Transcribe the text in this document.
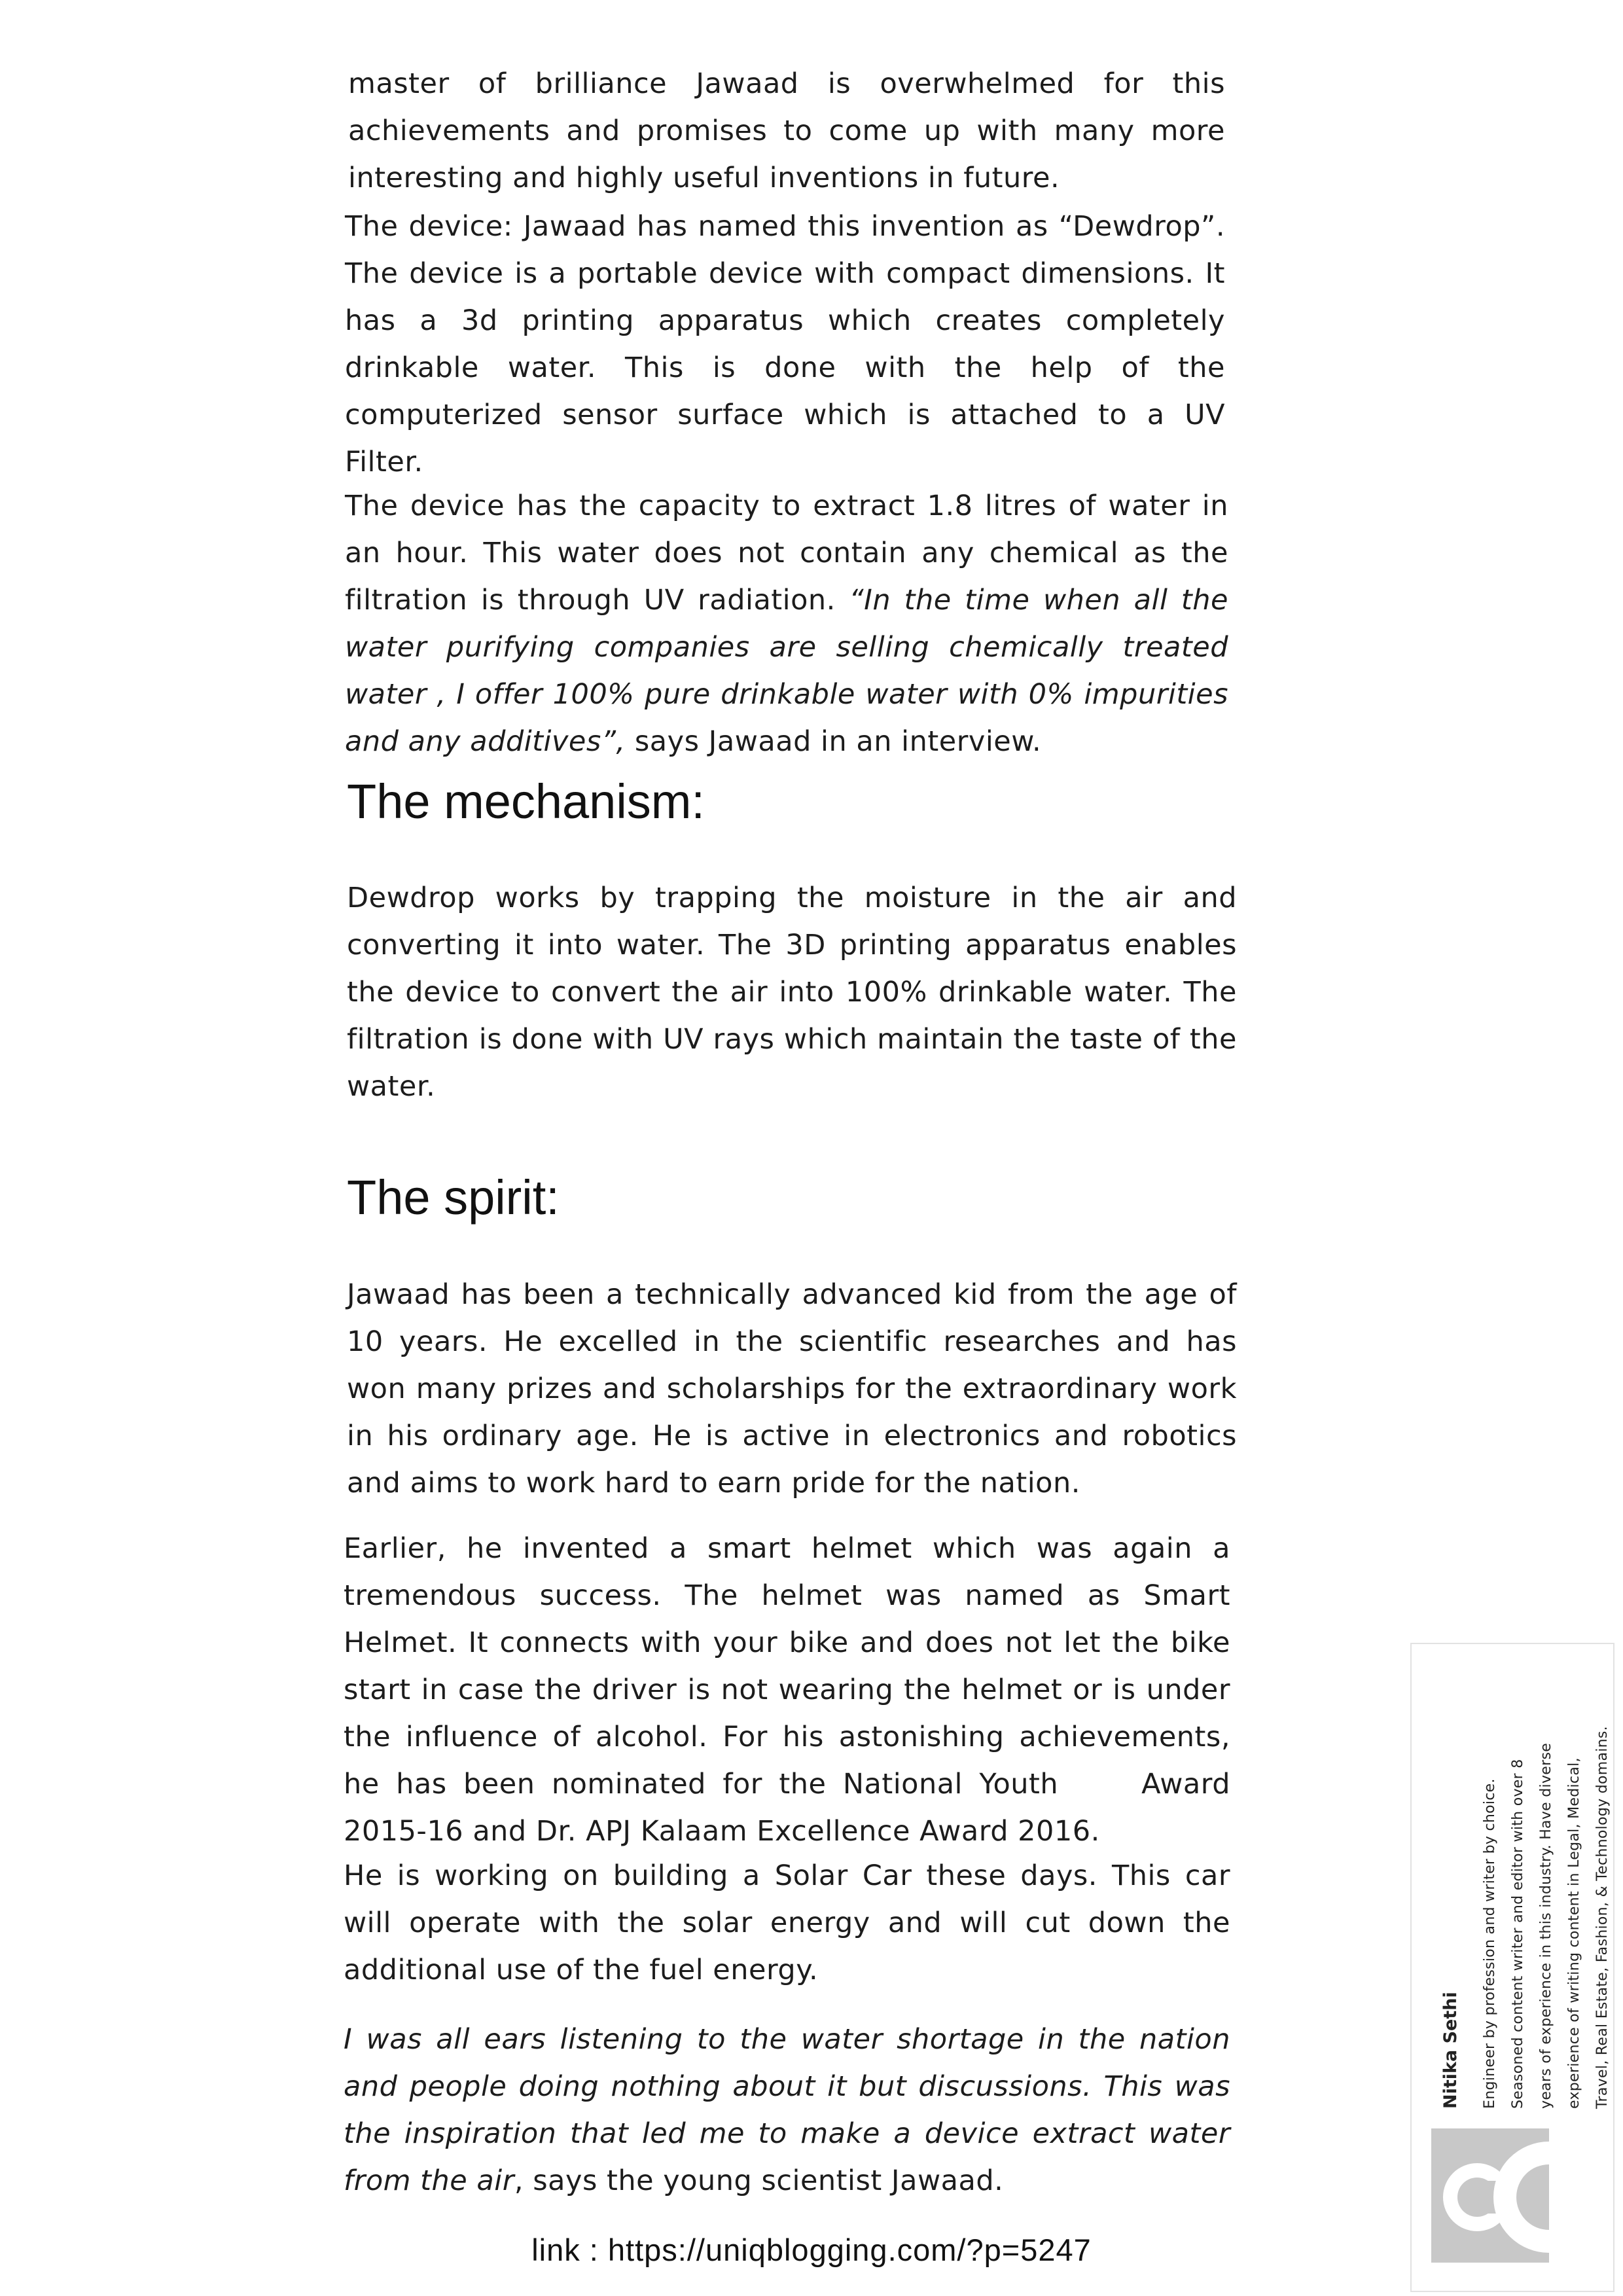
master of brilliance Jawaad is overwhelmed for this achievements and promises to come up with many more interesting and highly useful inventions in future.

The device: Jawaad has named this invention as “Dewdrop”. The device is a portable device with compact dimensions. It has a 3d printing apparatus which creates completely drinkable water. This is done with the help of the computerized sensor surface which is attached to a UV Filter.

The device has the capacity to extract 1.8 litres of water in an hour. This water does not contain any chemical as the filtration is through UV radiation. “In the time when all the water purifying companies are selling chemically treated water , I offer 100% pure drinkable water with 0% impurities and any additives”, says Jawaad in an interview.

The mechanism:

Dewdrop works by trapping the moisture in the air and converting it into water. The 3D printing apparatus enables the device to convert the air into 100% drinkable water. The filtration is done with UV rays which maintain the taste of the water.

The spirit:

Jawaad has been a technically advanced kid from the age of 10 years. He excelled in the scientific researches and has won many prizes and scholarships for the extraordinary work in his ordinary age. He is active in electronics and robotics and aims to work hard to earn pride for the nation.

Earlier, he invented a smart helmet which was again a tremendous success. The helmet was named as Smart Helmet. It connects with your bike and does not let the bike start in case the driver is not wearing the helmet or is under the influence of alcohol. For his astonishing achievements, he has been nominated for the National Youth     Award 2015-16 and Dr. APJ Kalaam Excellence Award 2016.

He is working on building a Solar Car these days. This car will operate with the solar energy and will cut down the additional use of the fuel energy.

I was all ears listening to the water shortage in the nation and people doing nothing about it but discussions. This was the inspiration that led me to make a device extract water from the air, says the young scientist Jawaad.

link : https://uniqblogging.com/?p=5247

Nitika Sethi	Engineer by profession and writer by choice. Seasoned content writer and editor with over 8 years of experience in this industry. Have diverse experience of writing content in Legal, Medical, Travel, Real Estate, Fashion, & Technology domains.
